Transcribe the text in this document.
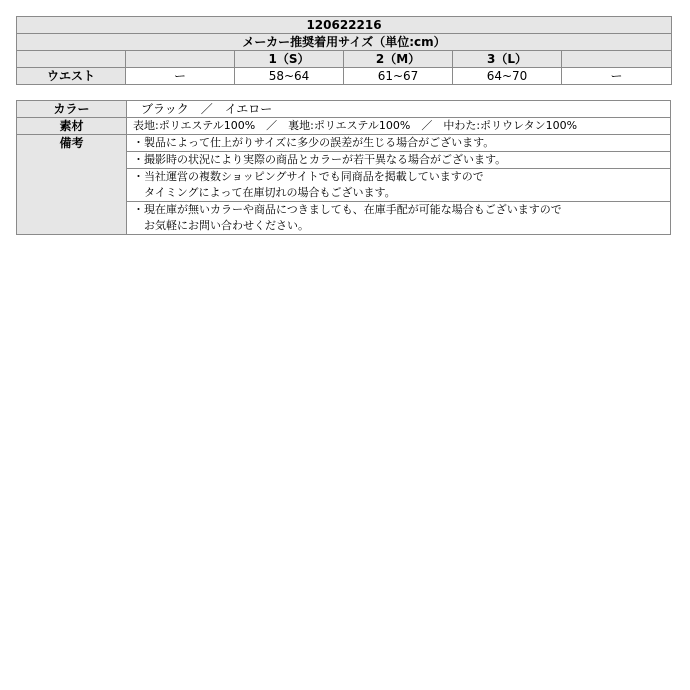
120622216					
メーカー推奨着用サイズ（単位:cm）					
		1（S）	2（M）	3（L）	
ウエスト	ー	58~64	61~67	64~70	ー
カラー	ブラック　／　イエロー
素材	表地:ポリエステル100%　／　裏地:ポリエステル100%　／　中わた:ポリウレタン100%
備考	・製品によって仕上がりサイズに多少の誤差が生じる場合がございます。

	・撮影時の状況により実際の商品とカラーが若干異なる場合がございます。

	・当社運営の複数ショッピングサイトでも同商品を掲載していますので
　タイミングによって在庫切れの場合もございます。

	・現在庫が無いカラーや商品につきましても、在庫手配が可能な場合もございますので
　お気軽にお問い合わせください。
